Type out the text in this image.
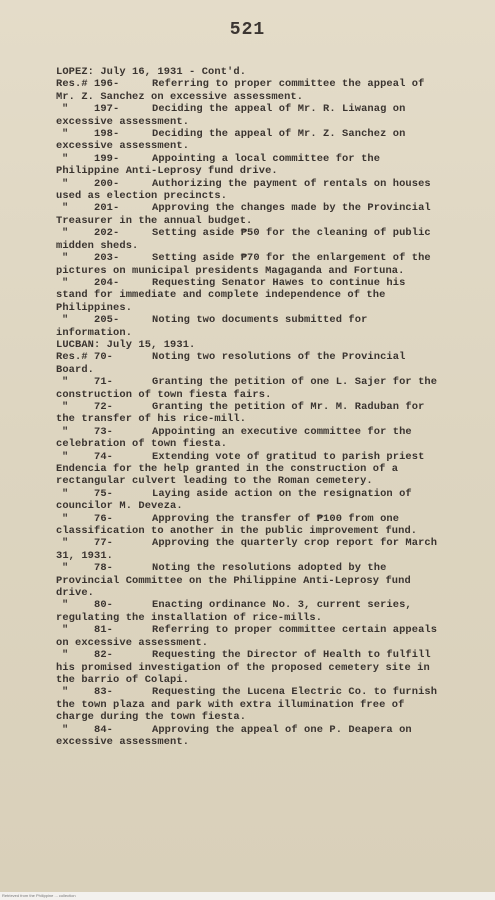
521
LOPEZ: July 16, 1931 - Cont'd.
Res.# 196-	Referring to proper committee the appeal of Mr. Z. Sanchez on excessive assessment.
" 197-	Deciding the appeal of Mr. R. Liwanag on excessive assessment.
" 198-	Deciding the appeal of Mr. Z. Sanchez on excessive assessment.
" 199-	Appointing a local committee for the Philippine Anti-Leprosy fund drive.
" 200-	Authorizing the payment of rentals on houses used as election precincts.
" 201-	Approving the changes made by the Provincial Treasurer in the annual budget.
" 202-	Setting aside ₱50 for the cleaning of public midden sheds.
" 203-	Setting aside ₱70 for the enlargement of the pictures on municipal presidents Magaganda and Fortuna.
" 204-	Requesting Senator Hawes to continue his stand for immediate and complete independence of the Philippines.
" 205-	Noting two documents submitted for information.
LUCBAN: July 15, 1931.
Res.# 70-	Noting two resolutions of the Provincial Board.
" 71-	Granting the petition of one L. Sajer for the construction of town fiesta fairs.
" 72-	Granting the petition of Mr. M. Raduban for the transfer of his rice-mill.
" 73-	Appointing an executive committee for the celebration of town fiesta.
" 74-	Extending vote of gratitud to parish priest Endencia for the help granted in the construction of a rectangular culvert leading to the Roman cemetery.
" 75-	Laying aside action on the resignation of councilor M. Deveza.
" 76-	Approving the transfer of ₱100 from one classification to another in the public improvement fund.
" 77-	Approving the quarterly crop report for March 31, 1931.
" 78-	Noting the resolutions adopted by the Provincial Committee on the Philippine Anti-Leprosy fund drive.
" 80-	Enacting ordinance No. 3, current series, regulating the installation of rice-mills.
" 81-	Referring to proper committee certain appeals on excessive assessment.
" 82-	Requesting the Director of Health to fulfill his promised investigation of the proposed cemetery site in the barrio of Colapi.
" 83-	Requesting the Lucena Electric Co. to furnish the town plaza and park with extra illumination free of charge during the town fiesta.
" 84-	Approving the appeal of one P. Deapera on excessive assessment.
Retrieved from the Philippine ... collection
